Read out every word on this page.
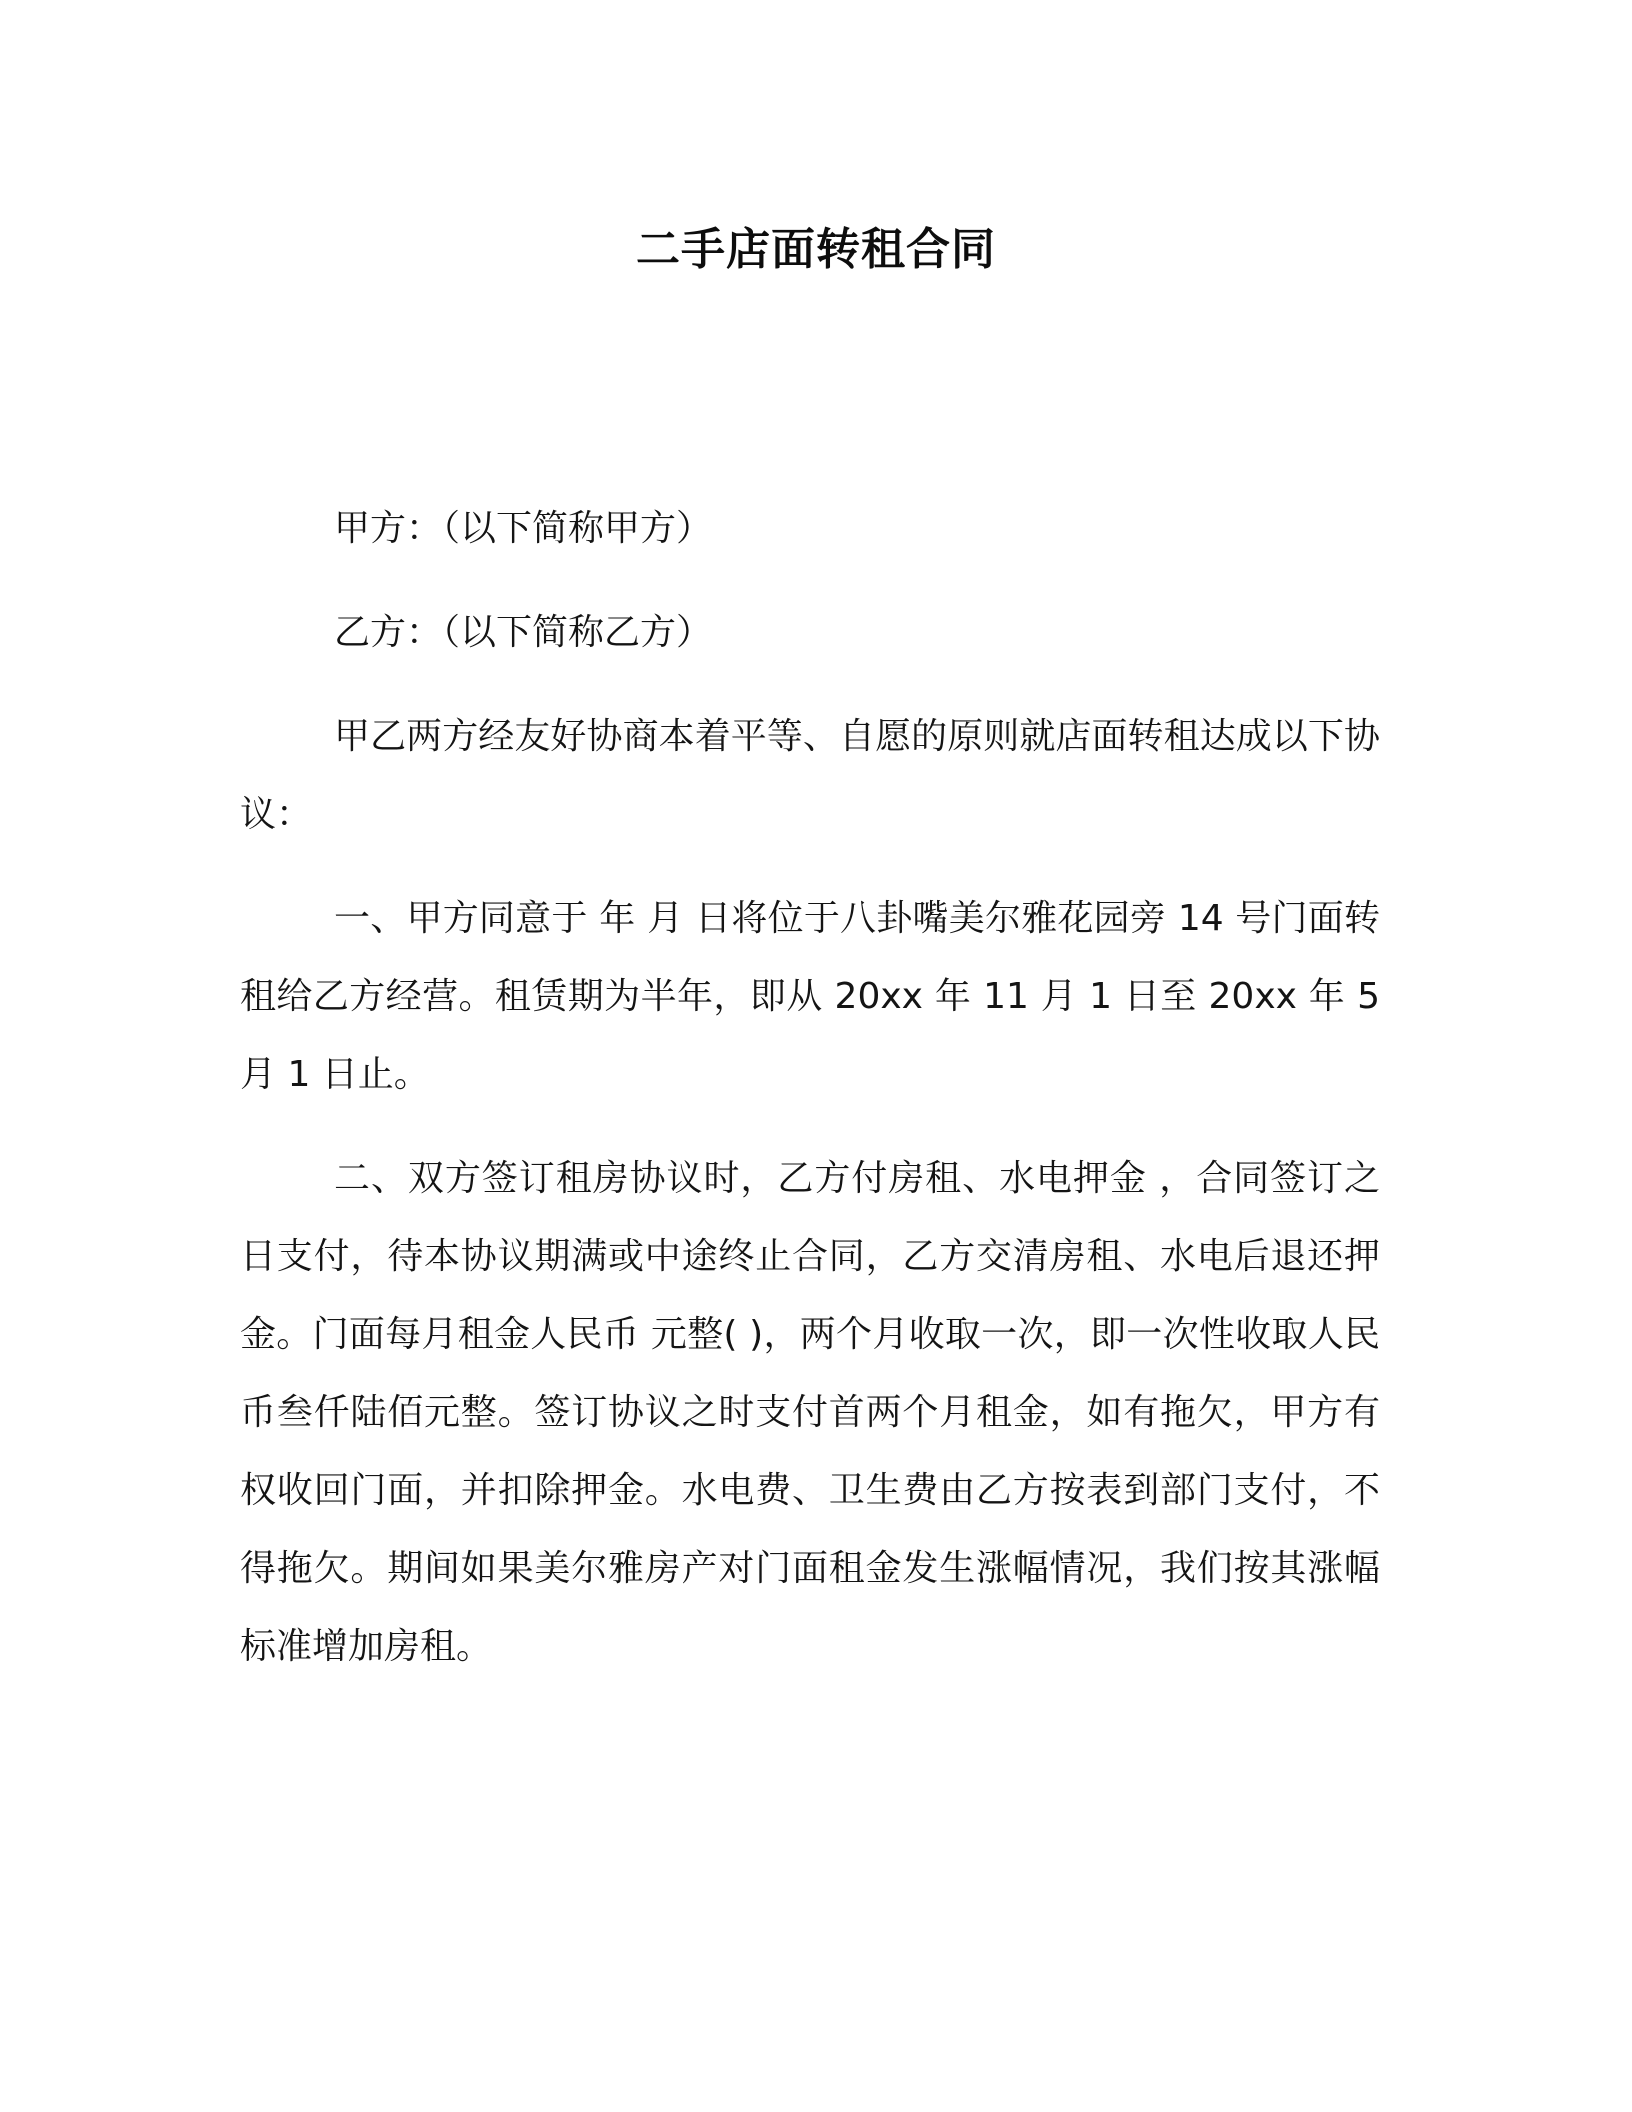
二手店面转租合同

甲方：（以下简称甲方）

乙方：（以下简称乙方）

甲乙两方经友好协商本着平等、自愿的原则就店面转租达成以下协议：

一、甲方同意于 年 月 日将位于八卦嘴美尔雅花园旁 14 号门面转租给乙方经营。租赁期为半年，即从 20xx 年 11 月 1 日至 20xx 年 5 月 1 日止。

二、双方签订租房协议时，乙方付房租、水电押金 ，合同签订之日支付，待本协议期满或中途终止合同，乙方交清房租、水电后退还押金。门面每月租金人民币 元整( )，两个月收取一次，即一次性收取人民币叁仟陆佰元整。签订协议之时支付首两个月租金，如有拖欠，甲方有权收回门面，并扣除押金。水电费、卫生费由乙方按表到部门支付，不得拖欠。期间如果美尔雅房产对门面租金发生涨幅情况，我们按其涨幅标准增加房租。
